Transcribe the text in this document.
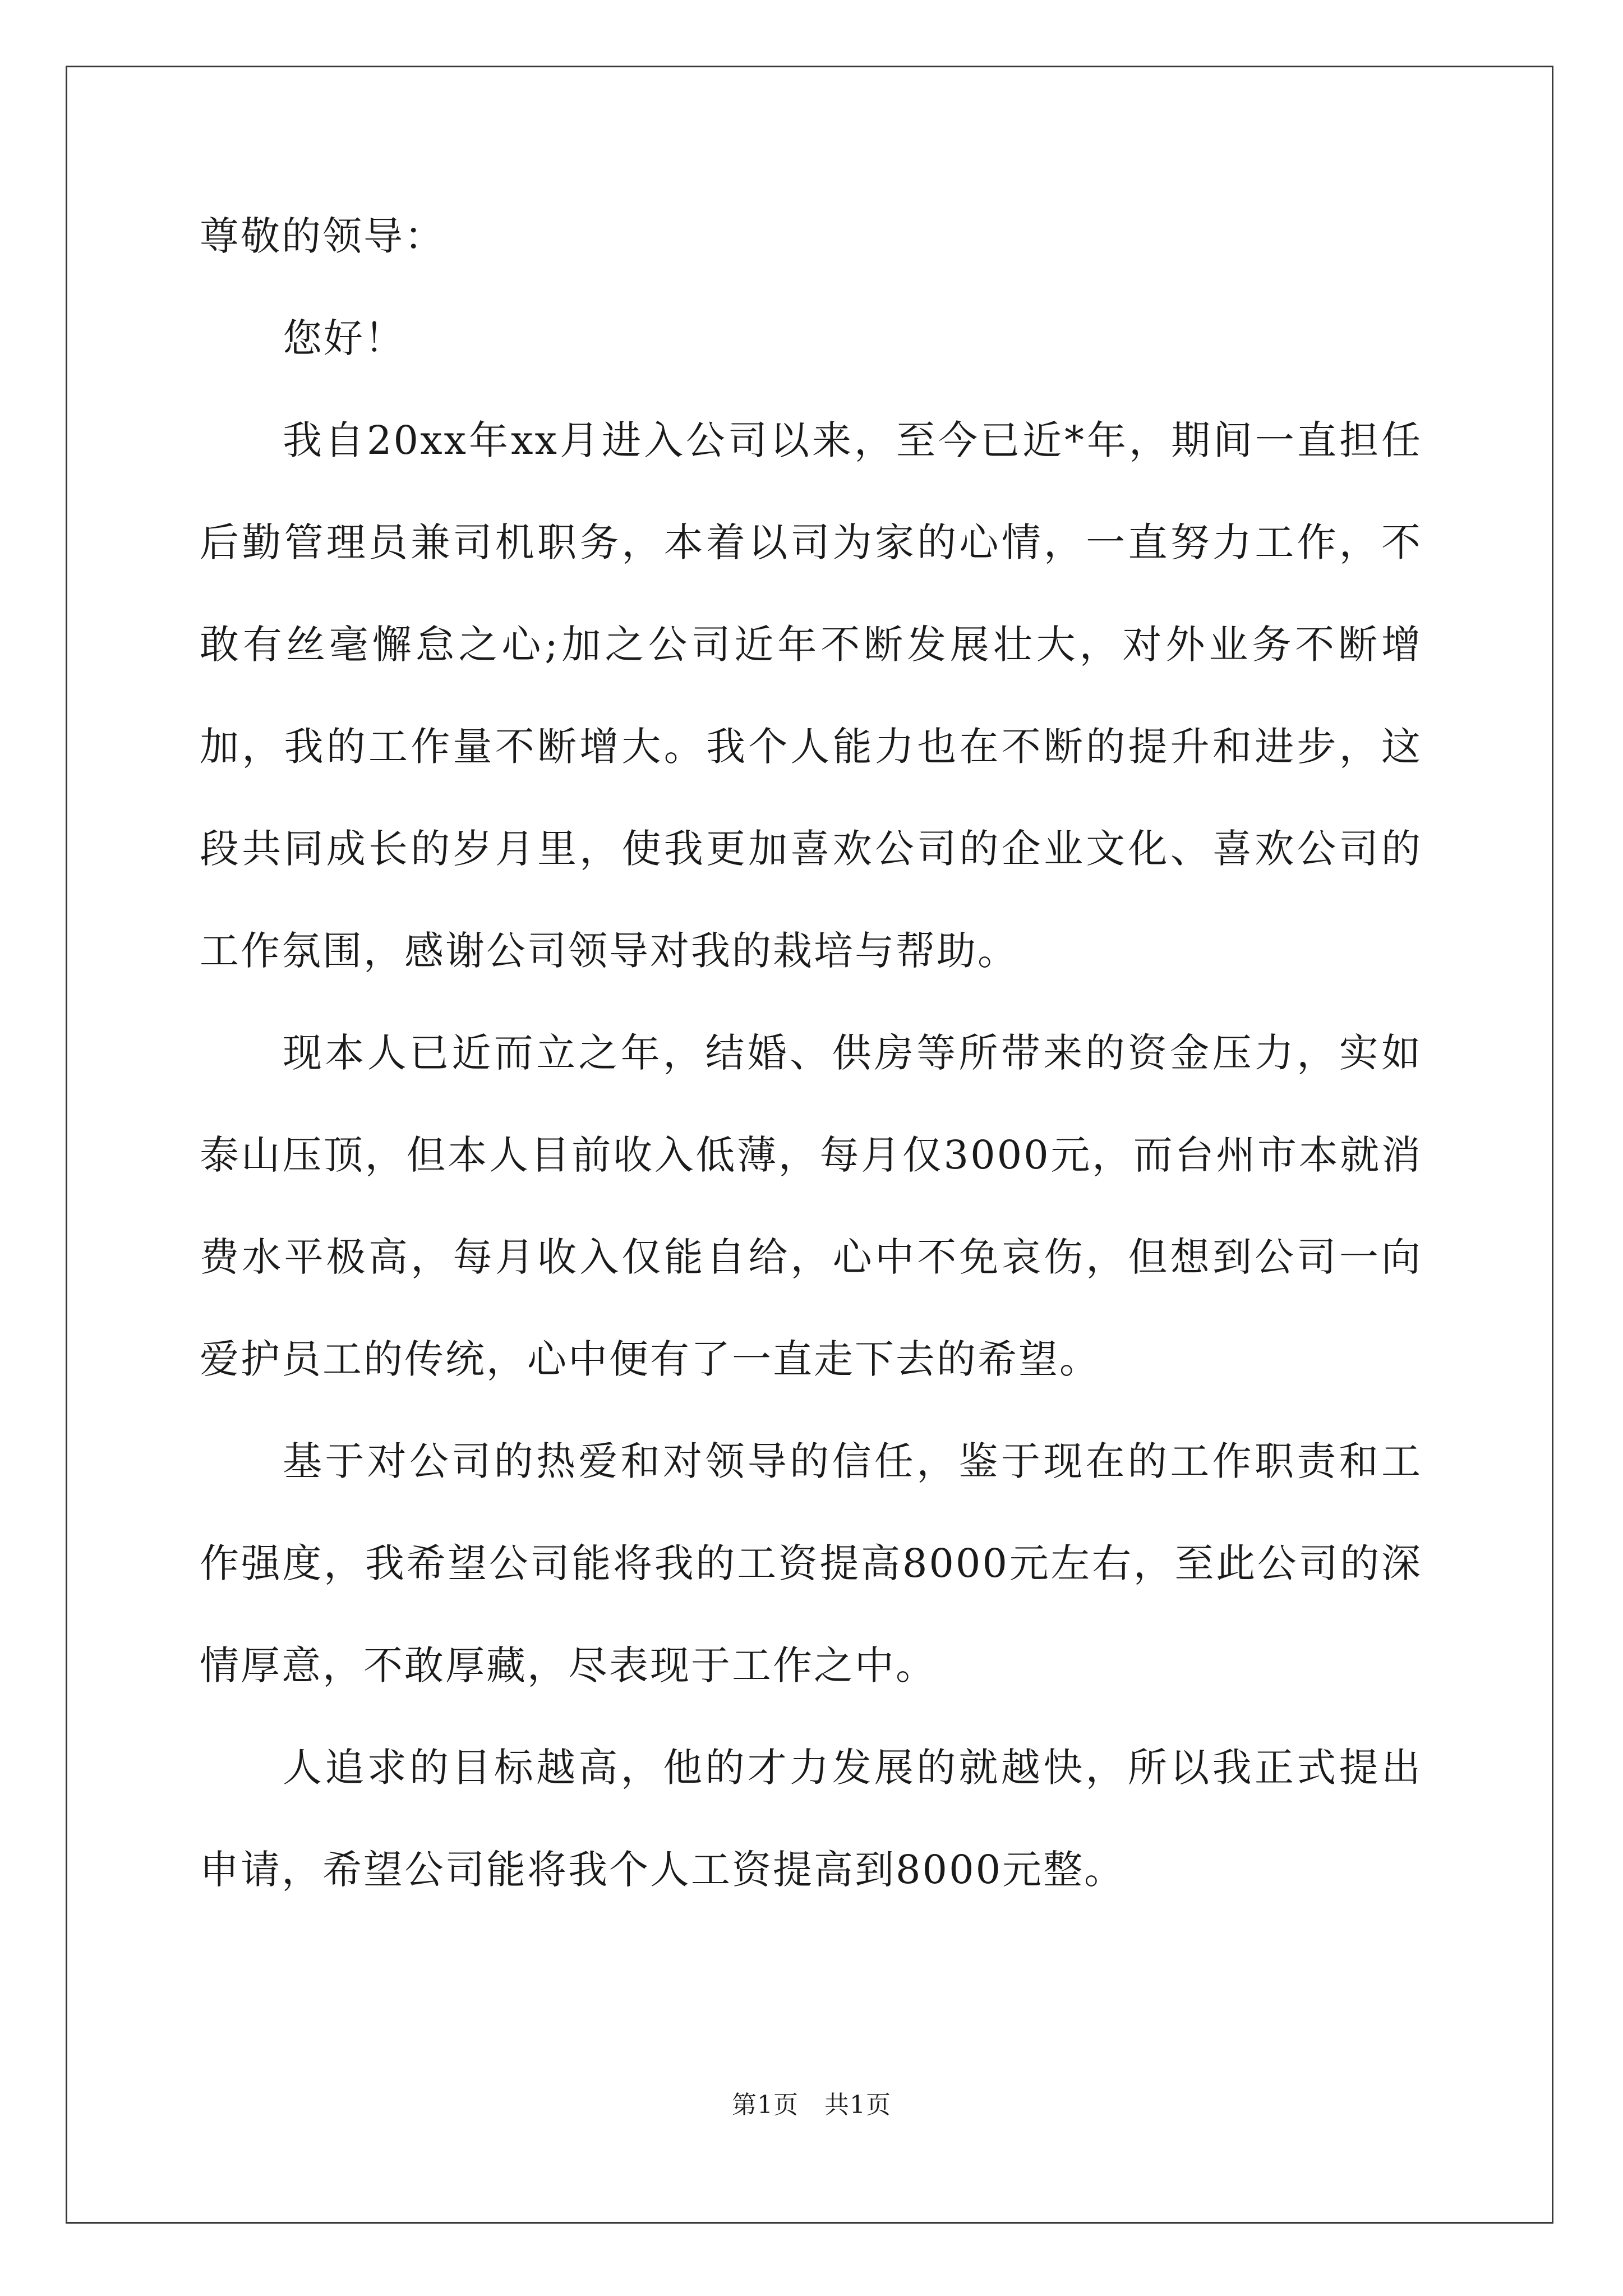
尊敬的领导：

您好！

我自20xx年xx月进入公司以来，至今已近*年，期间一直担任后勤管理员兼司机职务，本着以司为家的心情，一直努力工作，不敢有丝毫懈怠之心;加之公司近年不断发展壮大，对外业务不断增加，我的工作量不断增大。我个人能力也在不断的提升和进步，这段共同成长的岁月里，使我更加喜欢公司的企业文化、喜欢公司的工作氛围，感谢公司领导对我的栽培与帮助。

现本人已近而立之年，结婚、供房等所带来的资金压力，实如泰山压顶，但本人目前收入低薄，每月仅3000元，而台州市本就消费水平极高，每月收入仅能自给，心中不免哀伤，但想到公司一向爱护员工的传统，心中便有了一直走下去的希望。

基于对公司的热爱和对领导的信任，鉴于现在的工作职责和工作强度，我希望公司能将我的工资提高8000元左右，至此公司的深情厚意，不敢厚藏，尽表现于工作之中。

人追求的目标越高，他的才力发展的就越快，所以我正式提出申请，希望公司能将我个人工资提高到8000元整。

第1页 共1页
